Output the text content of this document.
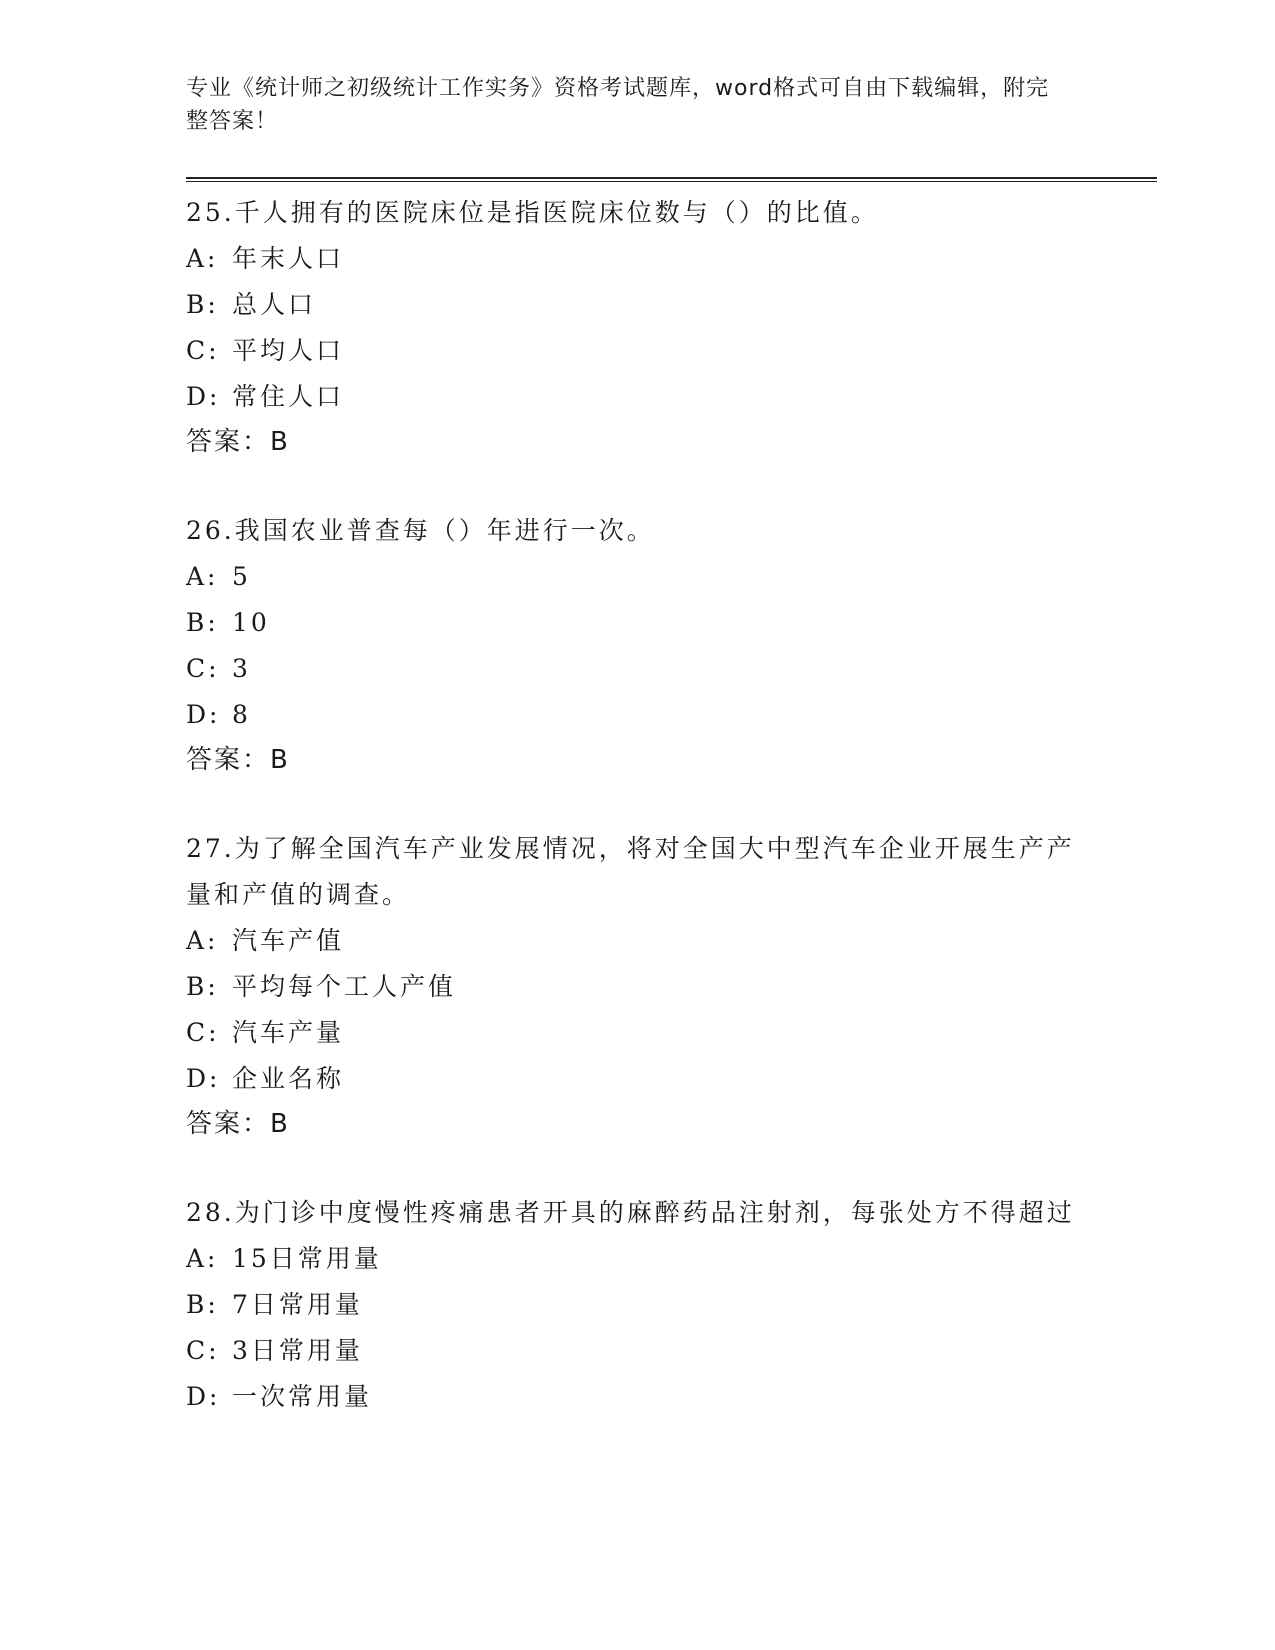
专业《统计师之初级统计工作实务》资格考试题库，word格式可自由下载编辑，附完整答案！
25.千人拥有的医院床位是指医院床位数与（）的比值。
A: 年末人口
B: 总人口
C: 平均人口
D: 常住人口
答案：B
26.我国农业普查每（）年进行一次。
A: 5
B: 10
C: 3
D: 8
答案：B
27.为了解全国汽车产业发展情况，将对全国大中型汽车企业开展生产产量和产值的调查。
A: 汽车产值
B: 平均每个工人产值
C: 汽车产量
D: 企业名称
答案：B
28.为门诊中度慢性疼痛患者开具的麻醉药品注射剂，每张处方不得超过
A: 15日常用量
B: 7日常用量
C: 3日常用量
D: 一次常用量
